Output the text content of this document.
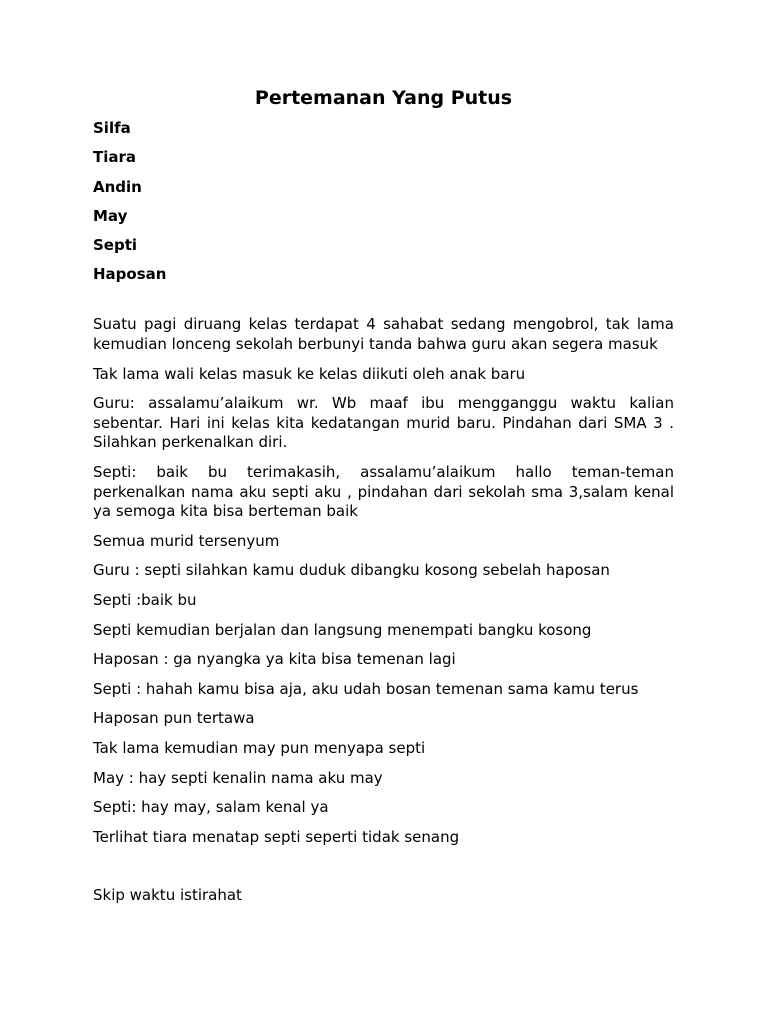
Pertemanan Yang Putus
Silfa
Tiara
Andin
May
Septi
Haposan

Suatu pagi diruang kelas terdapat 4 sahabat sedang mengobrol, tak lama kemudian lonceng sekolah berbunyi tanda bahwa guru akan segera masuk

Tak lama wali kelas masuk ke kelas diikuti oleh anak baru

Guru: assalamu’alaikum wr. Wb maaf ibu mengganggu waktu kalian sebentar. Hari ini kelas kita kedatangan murid baru. Pindahan dari SMA 3 . Silahkan perkenalkan diri.

Septi: baik bu terimakasih, assalamu’alaikum hallo teman-teman perkenalkan nama aku septi aku , pindahan dari sekolah sma 3,salam kenal ya semoga kita bisa berteman baik

Semua murid tersenyum

Guru : septi silahkan kamu duduk dibangku kosong sebelah haposan

Septi :baik bu

Septi kemudian berjalan dan langsung menempati bangku kosong

Haposan : ga nyangka ya kita bisa temenan lagi

Septi : hahah kamu bisa aja, aku udah bosan temenan sama kamu terus

Haposan pun tertawa

Tak lama kemudian may pun menyapa septi

May : hay septi kenalin nama aku may

Septi: hay may, salam kenal ya

Terlihat tiara menatap septi seperti tidak senang

Skip waktu istirahat
